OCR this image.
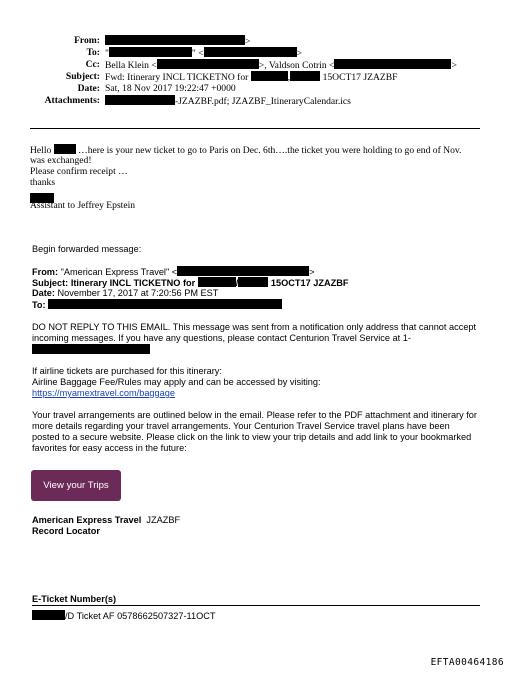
From:	>
To: "	" <	>
Cc: Bella Klein <	>, Valdson Cotrin <	>
Subject: Fwd: Itinerary INCL TICKETNO for	,	15OCT17 JZAZBF
Date: Sat, 18 Nov 2017 19:22:47 +0000
Attachments:	-JZAZBF.pdf; JZAZBF_ItineraryCalendar.ics
Hello	…here is your new ticket to go to Paris on Dec. 6th….the ticket you were holding to go end of Nov.
was exchanged!
Please confirm receipt …
thanks
Assistant to Jeffrey Epstein
Begin forwarded message:
From: "American Express Travel" <	>
Subject: Itinerary INCL TICKETNO for	/	15OCT17 JZAZBF
Date: November 17, 2017 at 7:20:56 PM EST
To:
DO NOT REPLY TO THIS EMAIL. This message was sent from a notification only address that cannot accept incoming messages. If you have any questions, please contact Centurion Travel Service at 1-
If airline tickets are purchased for this itinerary:
Airline Baggage Fee/Rules may apply and can be accessed by visiting:
https://myamextravel.com/baggage
Your travel arrangements are outlined below in the email. Please refer to the PDF attachment and itinerary for more details regarding your travel arrangements. Your Centurion Travel Service travel plans have been posted to a secure website. Please click on the link to view your trip details and add link to your bookmarked favorites for easy access in the future:
View your Trips
American Express Travel JZAZBF
Record Locator
E-Ticket Number(s)
/D Ticket AF 0578662507327-11OCT
EFTA00464186
